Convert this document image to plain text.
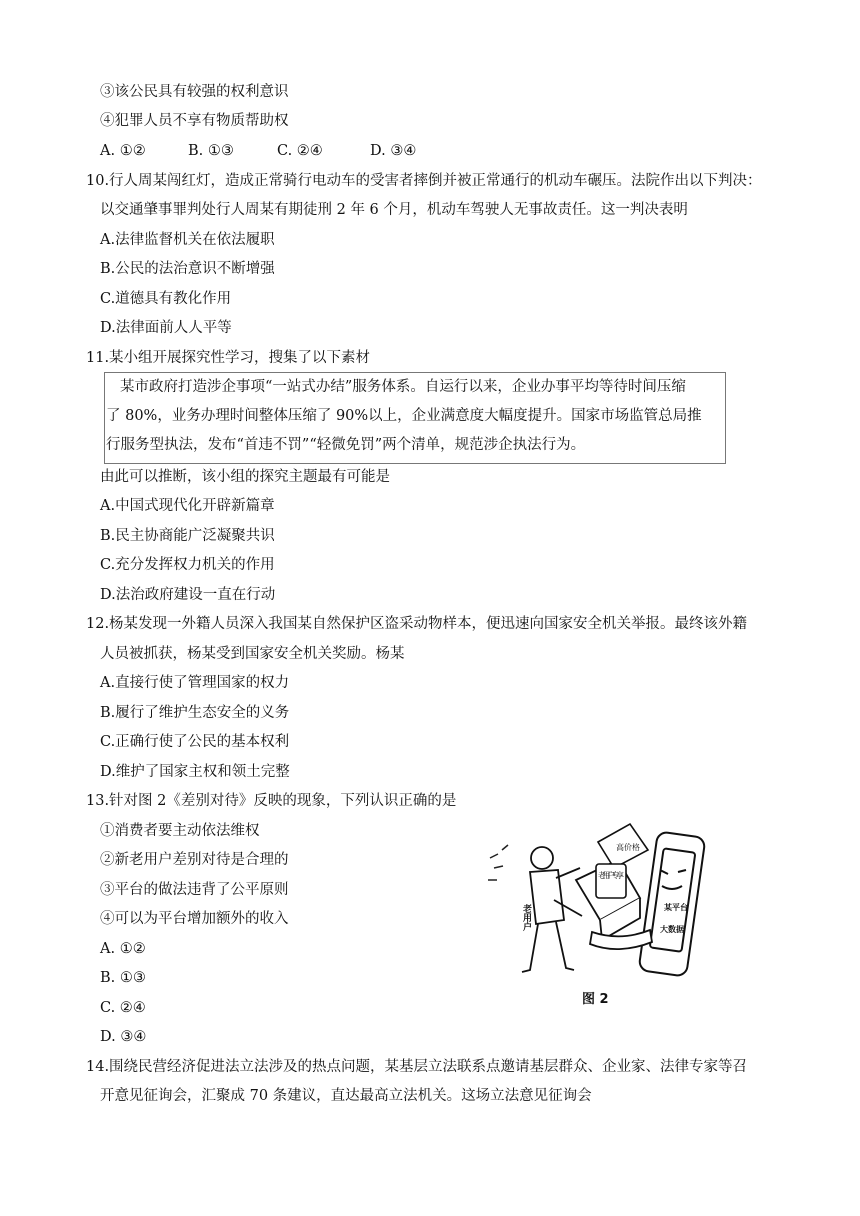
③该公民具有较强的权利意识
④犯罪人员不享有物质帮助权
A. ①②	B. ①③	C. ②④	D. ③④
10.行人周某闯红灯，造成正常骑行电动车的受害者摔倒并被正常通行的机动车碾压。法院作出以下判决：
以交通肇事罪判处行人周某有期徒刑 2 年 6 个月，机动车驾驶人无事故责任。这一判决表明
A.法律监督机关在依法履职
B.公民的法治意识不断增强
C.道德具有教化作用
D.法律面前人人平等
11.某小组开展探究性学习，搜集了以下素材
某市政府打造涉企事项“一站式办结”服务体系。自运行以来，企业办事平均等待时间压缩
了 80%，业务办理时间整体压缩了 90%以上，企业满意度大幅度提升。国家市场监管总局推
行服务型执法，发布“首违不罚”“轻微免罚”两个清单，规范涉企执法行为。
由此可以推断，该小组的探究主题最有可能是
A.中国式现代化开辟新篇章
B.民主协商能广泛凝聚共识
C.充分发挥权力机关的作用
D.法治政府建设一直在行动
12.杨某发现一外籍人员深入我国某自然保护区盗采动物样本，便迅速向国家安全机关举报。最终该外籍
人员被抓获，杨某受到国家安全机关奖励。杨某
A.直接行使了管理国家的权力
B.履行了维护生态安全的义务
C.正确行使了公民的基本权利
D.维护了国家主权和领土完整
13.针对图 2《差别对待》反映的现象，下列认识正确的是
①消费者要主动依法维权
②新老用户差别对待是合理的
③平台的做法违背了公平原则
④可以为平台增加额外的收入
A. ①②
B. ①③
C. ②④
D. ③④
老用户
高价格
老用户专享
某平台
大数据
图 2
14.围绕民营经济促进法立法涉及的热点问题，某基层立法联系点邀请基层群众、企业家、法律专家等召
开意见征询会，汇聚成 70 条建议，直达最高立法机关。这场立法意见征询会
